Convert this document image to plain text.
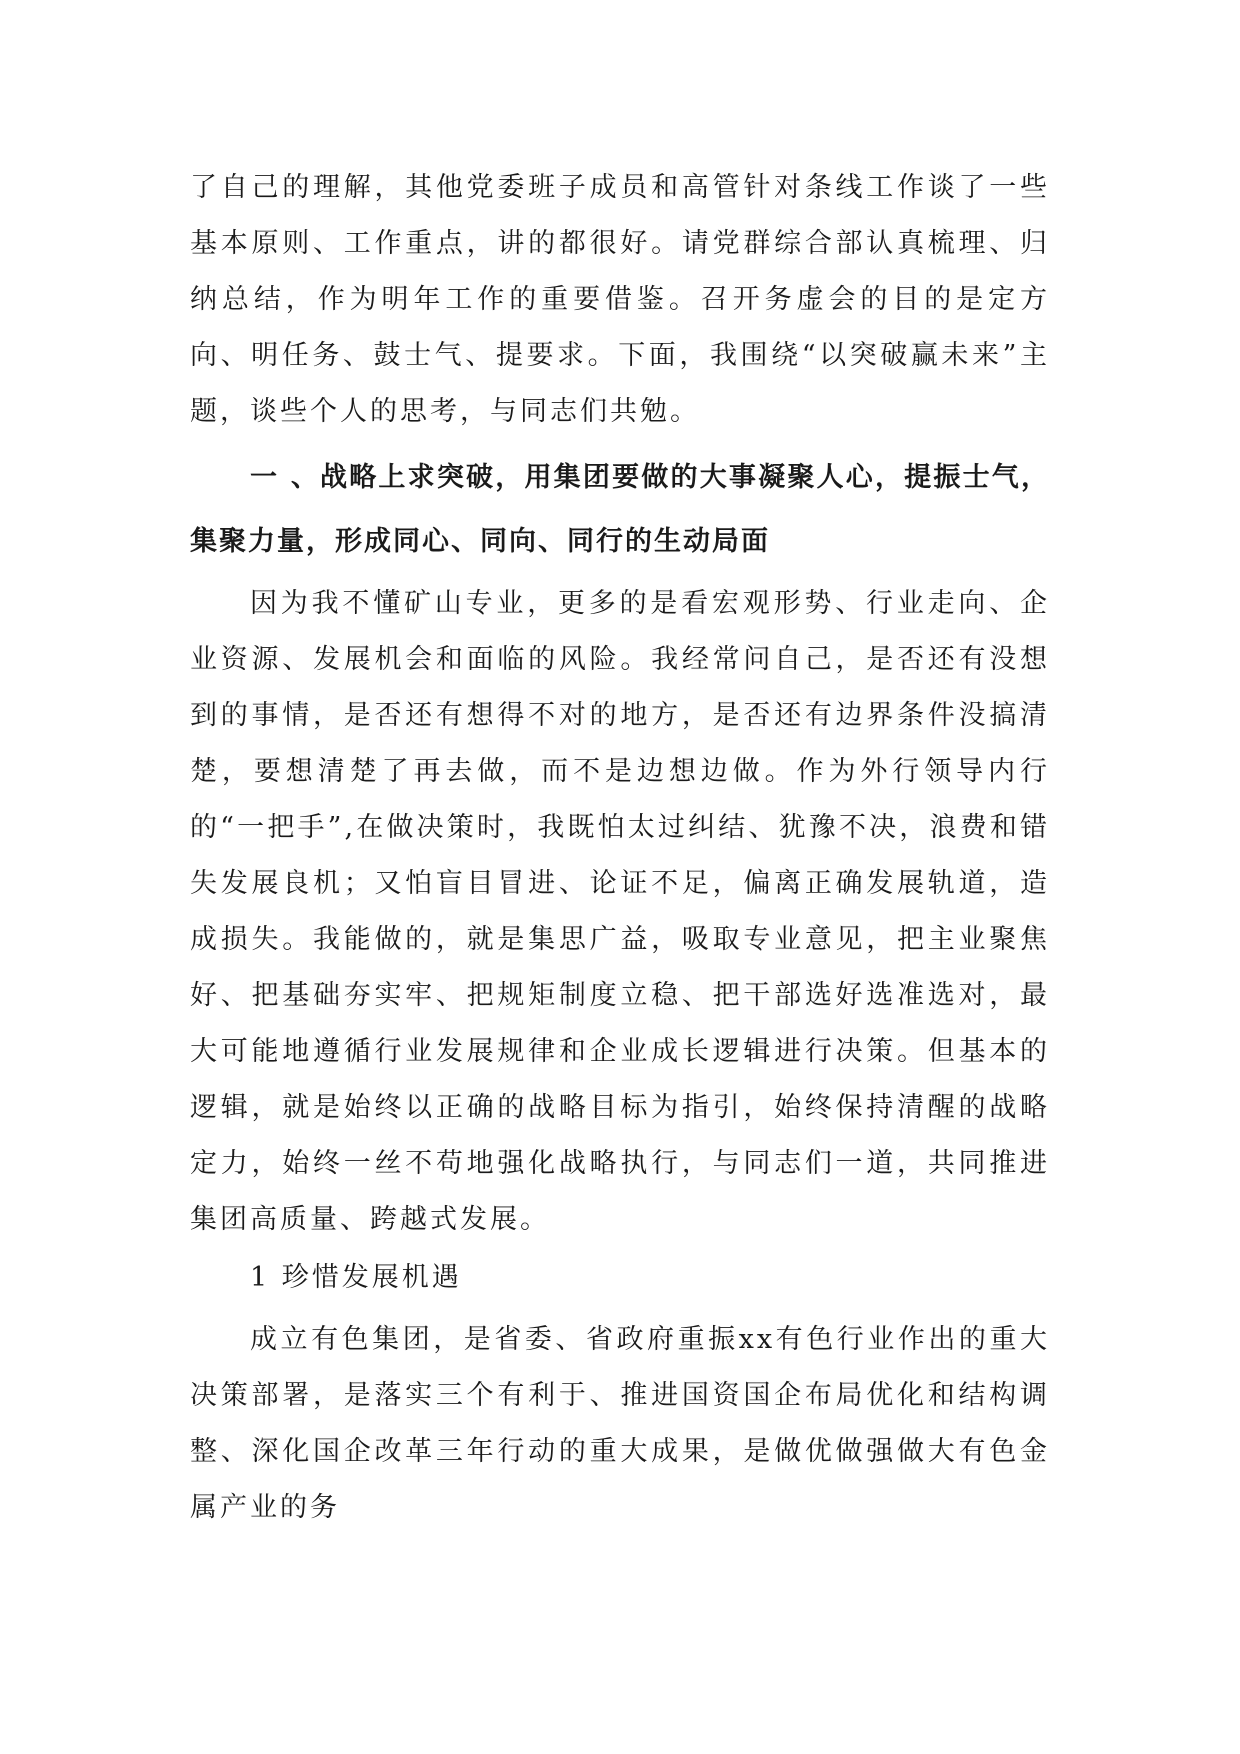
了自己的理解，其他党委班子成员和高管针对条线工作谈了一些基本原则、工作重点，讲的都很好。请党群综合部认真梳理、归纳总结，作为明年工作的重要借鉴。召开务虚会的目的是定方向、明任务、鼓士气、提要求。下面，我围绕“以突破赢未来”主题，谈些个人的思考，与同志们共勉。

一 、战略上求突破，用集团要做的大事凝聚人心，提振士气，集聚力量，形成同心、同向、同行的生动局面

因为我不懂矿山专业，更多的是看宏观形势、行业走向、企业资源、发展机会和面临的风险。我经常问自己，是否还有没想到的事情，是否还有想得不对的地方，是否还有边界条件没搞清楚，要想清楚了再去做，而不是边想边做。作为外行领导内行的“一把手”,在做决策时，我既怕太过纠结、犹豫不决，浪费和错失发展良机；又怕盲目冒进、论证不足，偏离正确发展轨道，造成损失。我能做的，就是集思广益，吸取专业意见，把主业聚焦好、把基础夯实牢、把规矩制度立稳、把干部选好选准选对，最大可能地遵循行业发展规律和企业成长逻辑进行决策。但基本的逻辑，就是始终以正确的战略目标为指引，始终保持清醒的战略定力，始终一丝不苟地强化战略执行，与同志们一道，共同推进集团高质量、跨越式发展。

1 珍惜发展机遇

成立有色集团，是省委、省政府重振xx有色行业作出的重大决策部署，是落实三个有利于、推进国资国企布局优化和结构调整、深化国企改革三年行动的重大成果，是做优做强做大有色金属产业的务
